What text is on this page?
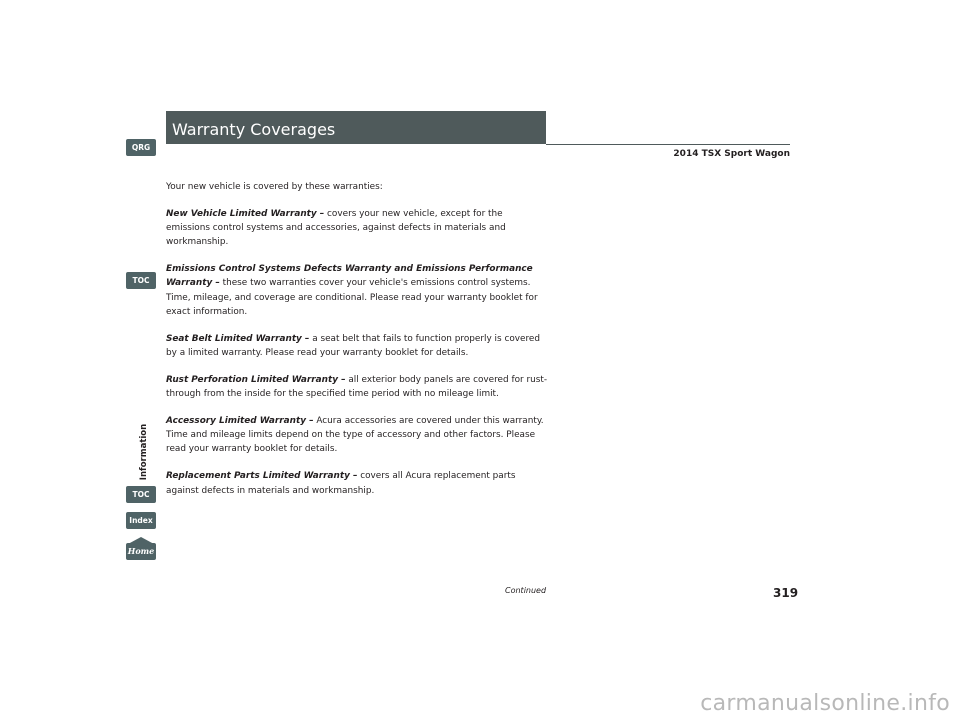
QRG
TOC
Information
TOC
Index
Home
Warranty Coverages
2014 TSX Sport Wagon

Your new vehicle is covered by these warranties:

New Vehicle Limited Warranty – covers your new vehicle, except for the emissions control systems and accessories, against defects in materials and workmanship.

Emissions Control Systems Defects Warranty and Emissions Performance Warranty – these two warranties cover your vehicle's emissions control systems. Time, mileage, and coverage are conditional. Please read your warranty booklet for exact information.

Seat Belt Limited Warranty – a seat belt that fails to function properly is covered by a limited warranty. Please read your warranty booklet for details.

Rust Perforation Limited Warranty – all exterior body panels are covered for rust-through from the inside for the specified time period with no mileage limit.

Accessory Limited Warranty – Acura accessories are covered under this warranty. Time and mileage limits depend on the type of accessory and other factors. Please read your warranty booklet for details.

Replacement Parts Limited Warranty – covers all Acura replacement parts against defects in materials and workmanship.

Continued	319
carmanualsonline.info
